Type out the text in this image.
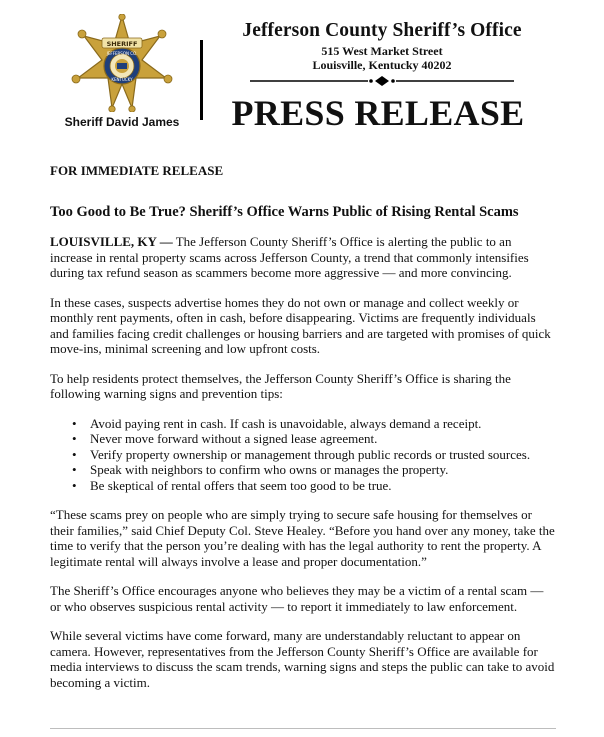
SHERIFF
JEFFERSON CO.
KENTUCKY
Sheriff David James
Jefferson County Sheriff’s Office
515 West Market Street
Louisville, Kentucky 40202
PRESS RELEASE

FOR IMMEDIATE RELEASE

Too Good to Be True? Sheriff’s Office Warns Public of Rising Rental Scams

LOUISVILLE, KY — The Jefferson County Sheriff’s Office is alerting the public to an increase in rental property scams across Jefferson County, a trend that commonly intensifies during tax refund season as scammers become more aggressive — and more convincing.

In these cases, suspects advertise homes they do not own or manage and collect weekly or monthly rent payments, often in cash, before disappearing. Victims are frequently individuals and families facing credit challenges or housing barriers and are targeted with promises of quick move-ins, minimal screening and low upfront costs.

To help residents protect themselves, the Jefferson County Sheriff’s Office is sharing the following warning signs and prevention tips:

• Avoid paying rent in cash. If cash is unavoidable, always demand a receipt.
• Never move forward without a signed lease agreement.
• Verify property ownership or management through public records or trusted sources.
• Speak with neighbors to confirm who owns or manages the property.
• Be skeptical of rental offers that seem too good to be true.

“These scams prey on people who are simply trying to secure safe housing for themselves or their families,” said Chief Deputy Col. Steve Healey. “Before you hand over any money, take the time to verify that the person you’re dealing with has the legal authority to rent the property. A legitimate rental will always involve a lease and proper documentation.”

The Sheriff’s Office encourages anyone who believes they may be a victim of a rental scam — or who observes suspicious rental activity — to report it immediately to law enforcement.

While several victims have come forward, many are understandably reluctant to appear on camera. However, representatives from the Jefferson County Sheriff’s Office are available for media interviews to discuss the scam trends, warning signs and steps the public can take to avoid becoming a victim.
